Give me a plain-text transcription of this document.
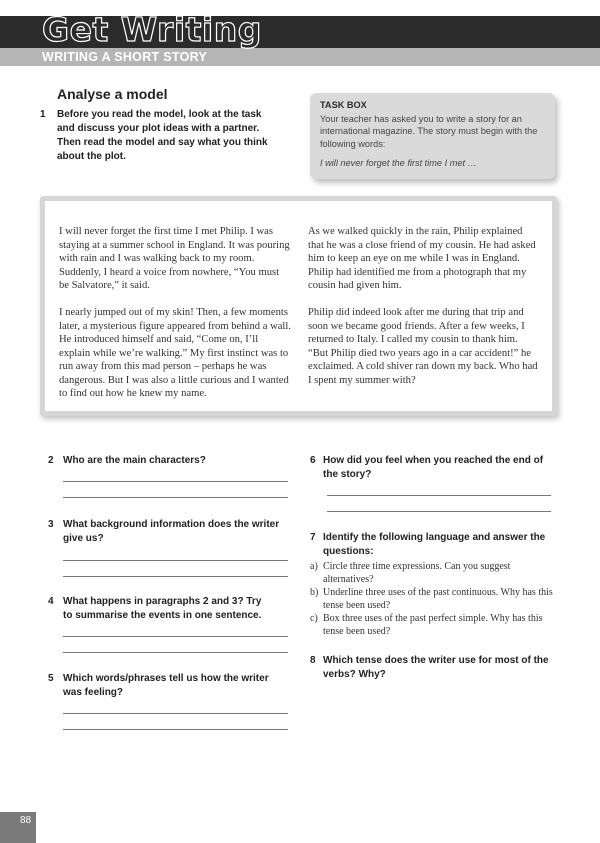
Get Writing
WRITING A SHORT STORY
Analyse a model
1 Before you read the model, look at the task and discuss your plot ideas with a partner. Then read the model and say what you think about the plot.
TASK BOX
Your teacher has asked you to write a story for an international magazine. The story must begin with the following words:
I will never forget the first time I met …

I will never forget the first time I met Philip. I was staying at a summer school in England. It was pouring with rain and I was walking back to my room. Suddenly, I heard a voice from nowhere, “You must be Salvatore,” it said.

I nearly jumped out of my skin! Then, a few moments later, a mysterious figure appeared from behind a wall. He introduced himself and said, “Come on, I’ll explain while we’re walking.” My first instinct was to run away from this mad person – perhaps he was dangerous. But I was also a little curious and I wanted to find out how he knew my name.

As we walked quickly in the rain, Philip explained that he was a close friend of my cousin. He had asked him to keep an eye on me while I was in England. Philip had identified me from a photograph that my cousin had given him.

Philip did indeed look after me during that trip and soon we became good friends. After a few weeks, I returned to Italy. I called my cousin to thank him. “But Philip died two years ago in a car accident!” he exclaimed. A cold shiver ran down my back. Who had I spent my summer with?

2 Who are the main characters?
3 What background information does the writer give us?
4 What happens in paragraphs 2 and 3? Try to summarise the events in one sentence.
5 Which words/phrases tell us how the writer was feeling?
6 How did you feel when you reached the end of the story?
7 Identify the following language and answer the questions:
a) Circle three time expressions. Can you suggest alternatives?
b) Underline three uses of the past continuous. Why has this tense been used?
c) Box three uses of the past perfect simple. Why has this tense been used?
8 Which tense does the writer use for most of the verbs? Why?
88
